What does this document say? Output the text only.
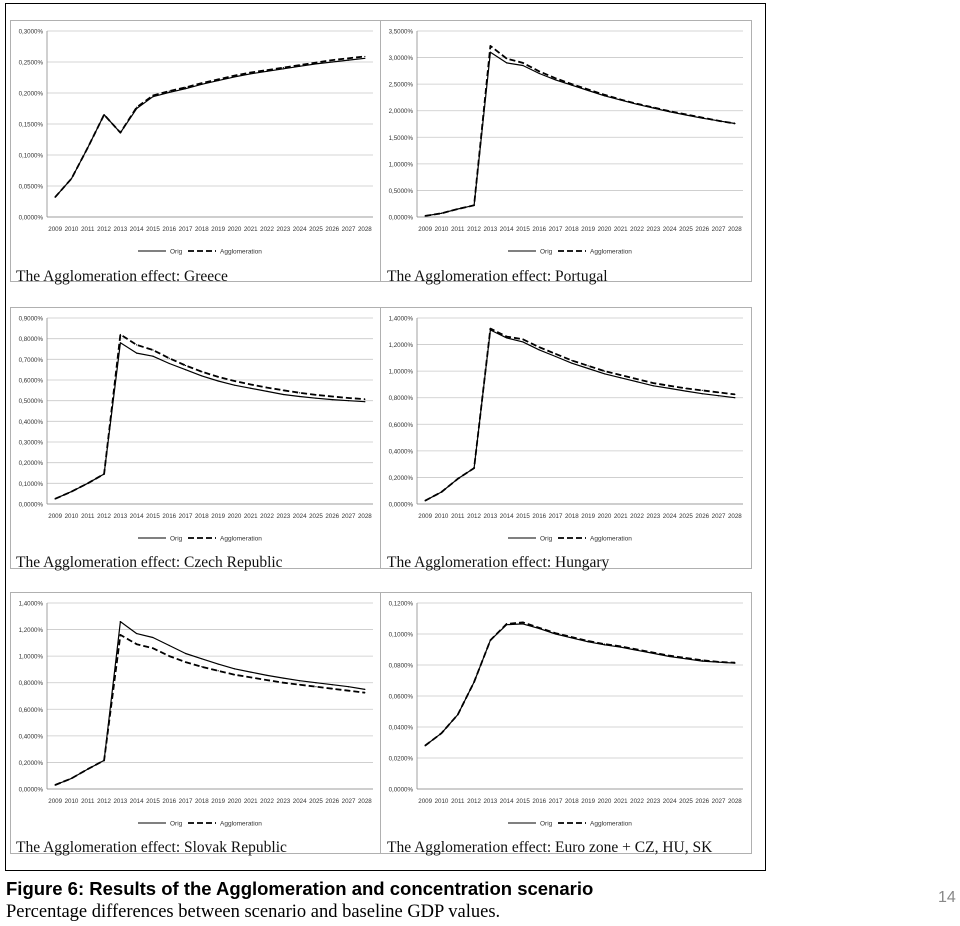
0,0000%
0,0500%
0,1000%
0,1500%
0,2000%
0,2500%
0,3000%
2009 2010 2011 2012 2013 2014 2015 2016 2017 2018 2019 2020 2021 2022 2023 2024 2025 2026 2027 2028
Orig	Agglomeration
The Agglomeration effect: Greece
0,0000%
0,5000%
1,0000%
1,5000%
2,0000%
2,5000%
3,0000%
3,5000%
2009 2010 2011 2012 2013 2014 2015 2016 2017 2018 2019 2020 2021 2022 2023 2024 2025 2026 2027 2028
Orig	Agglomeration
The Agglomeration effect: Portugal
0,0000%
0,1000%
0,2000%
0,3000%
0,4000%
0,5000%
0,6000%
0,7000%
0,8000%
0,9000%
2009 2010 2011 2012 2013 2014 2015 2016 2017 2018 2019 2020 2021 2022 2023 2024 2025 2026 2027 2028
Orig	Agglomeration
The Agglomeration effect: Czech Republic
0,0000%
0,2000%
0,4000%
0,6000%
0,8000%
1,0000%
1,2000%
1,4000%
2009 2010 2011 2012 2013 2014 2015 2016 2017 2018 2019 2020 2021 2022 2023 2024 2025 2026 2027 2028
Orig	Agglomeration
The Agglomeration effect: Hungary
0,0000%
0,2000%
0,4000%
0,6000%
0,8000%
1,0000%
1,2000%
1,4000%
2009 2010 2011 2012 2013 2014 2015 2016 2017 2018 2019 2020 2021 2022 2023 2024 2025 2026 2027 2028
Orig	Agglomeration
The Agglomeration effect: Slovak Republic
0,0000%
0,0200%
0,0400%
0,0600%
0,0800%
0,1000%
0,1200%
2009 2010 2011 2012 2013 2014 2015 2016 2017 2018 2019 2020 2021 2022 2023 2024 2025 2026 2027 2028
Orig	Agglomeration
The Agglomeration effect: Euro zone + CZ, HU, SK
Figure 6: Results of the Agglomeration and concentration scenario
Percentage differences between scenario and baseline GDP values.
14
